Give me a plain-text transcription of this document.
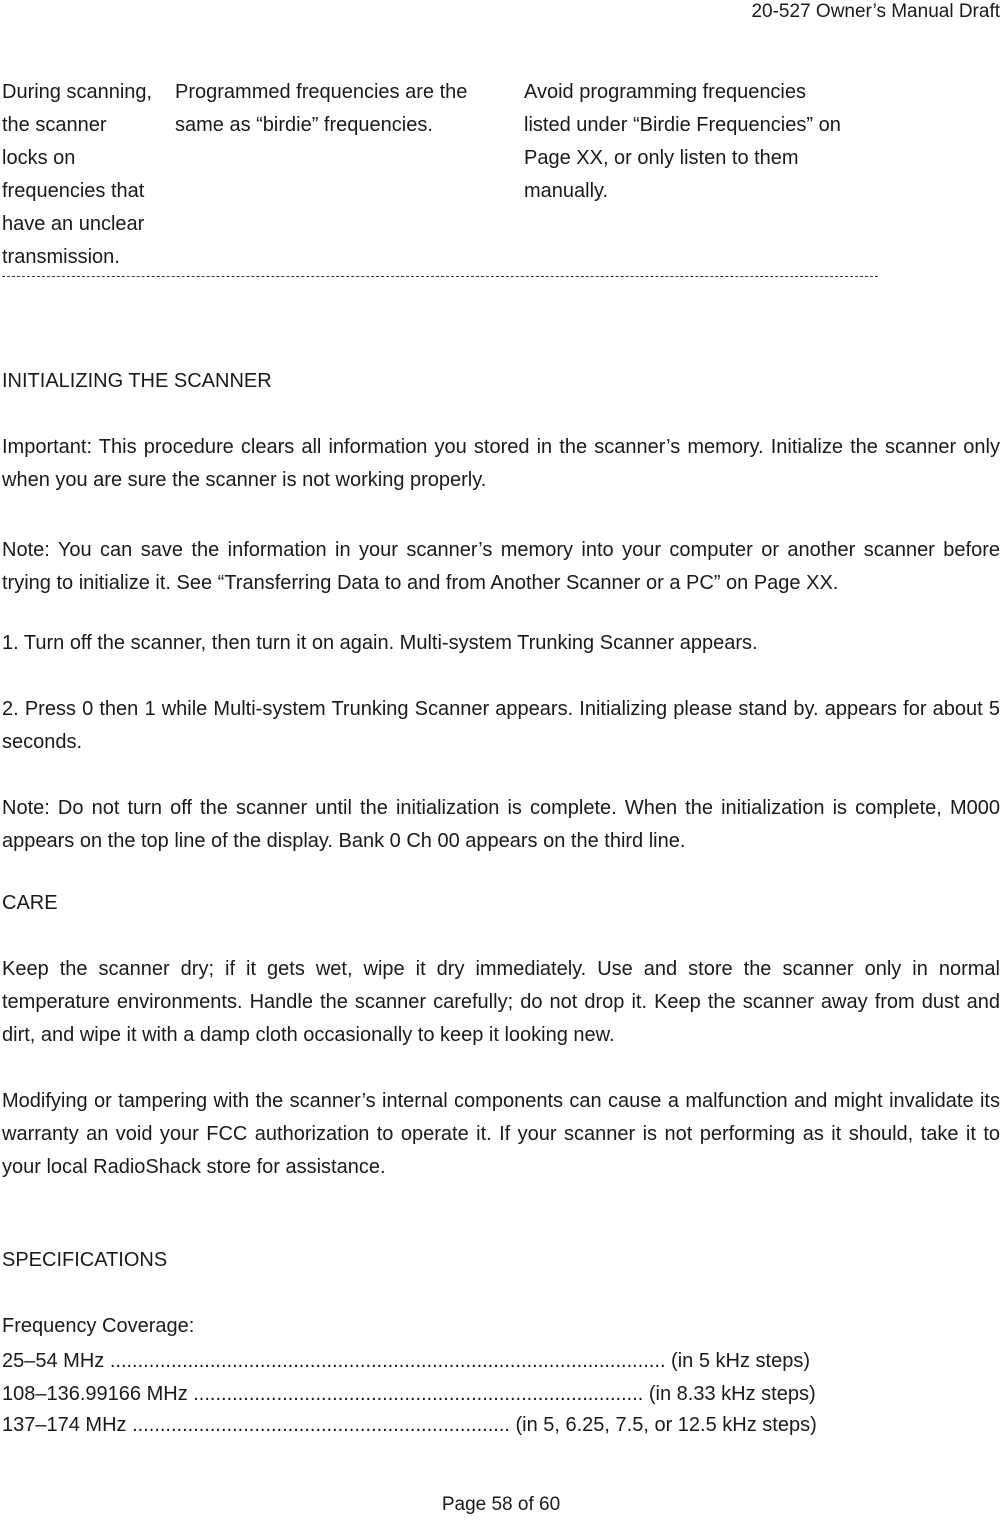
20-527 Owner’s Manual Draft
During scanning,
the scanner
locks on
frequencies that
have an unclear
transmission.
Programmed frequencies are the
same as “birdie” frequencies.
Avoid programming frequencies
listed under “Birdie Frequencies” on
Page XX, or only listen to them
manually.
INITIALIZING THE SCANNER
Important: This procedure clears all information you stored in the scanner’s memory. Initialize the scanner only when you are sure the scanner is not working properly.
Note: You can save the information in your scanner’s memory into your computer or another scanner before trying to initialize it. See “Transferring Data to and from Another Scanner or a PC” on Page XX.
1. Turn off the scanner, then turn it on again. Multi-system Trunking Scanner appears.
2. Press 0 then 1 while Multi-system Trunking Scanner appears. Initializing please stand by. appears for about 5 seconds.
Note: Do not turn off the scanner until the initialization is complete. When the initialization is complete, M000 appears on the top line of the display. Bank 0 Ch 00 appears on the third line.
CARE
Keep the scanner dry; if it gets wet, wipe it dry immediately. Use and store the scanner only in normal temperature environments. Handle the scanner carefully; do not drop it. Keep the scanner away from dust and dirt, and wipe it with a damp cloth occasionally to keep it looking new.
Modifying or tampering with the scanner’s internal components can cause a malfunction and might invalidate its warranty an void your FCC authorization to operate it. If your scanner is not performing as it should, take it to your local RadioShack store for assistance.
SPECIFICATIONS
Frequency Coverage:
25–54 MHz .................................................................................................... (in 5 kHz steps)
108–136.99166 MHz ................................................................................. (in 8.33 kHz steps)
137–174 MHz .................................................................... (in 5, 6.25, 7.5, or 12.5 kHz steps)
Page 58 of 60
